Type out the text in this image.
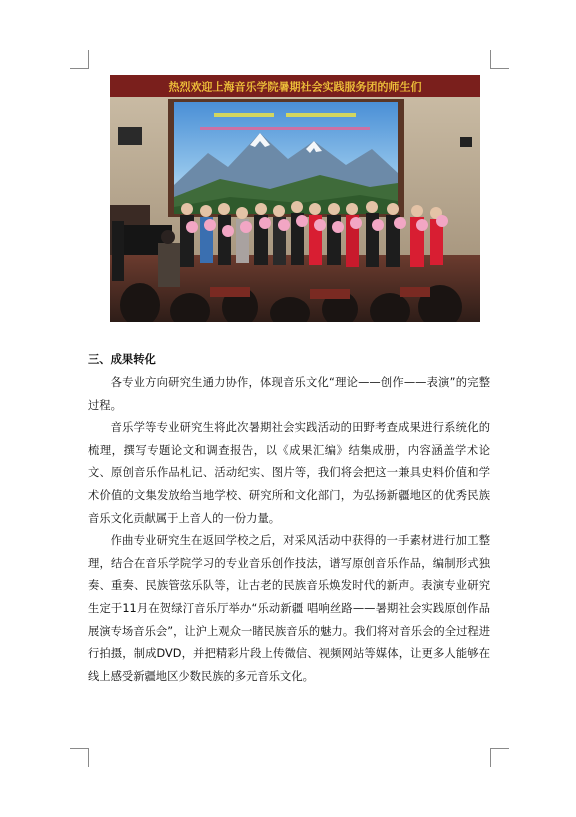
热烈欢迎上海音乐学院暑期社会实践服务团的师生们
三、成果转化

各专业方向研究生通力协作，体现音乐文化“理论——创作——表演”的完整过程。

音乐学等专业研究生将此次暑期社会实践活动的田野考查成果进行系统化的梳理，撰写专题论文和调查报告，以《成果汇编》结集成册，内容涵盖学术论文、原创音乐作品札记、活动纪实、图片等，我们将会把这一兼具史料价值和学术价值的文集发放给当地学校、研究所和文化部门，为弘扬新疆地区的优秀民族音乐文化贡献属于上音人的一份力量。

作曲专业研究生在返回学校之后，对采风活动中获得的一手素材进行加工整理，结合在音乐学院学习的专业音乐创作技法，谱写原创音乐作品，编制形式独奏、重奏、民族管弦乐队等，让古老的民族音乐焕发时代的新声。表演专业研究生定于11月在贺绿汀音乐厅举办“乐动新疆 唱响丝路——暑期社会实践原创作品展演专场音乐会”，让沪上观众一睹民族音乐的魅力。我们将对音乐会的全过程进行拍摄，制成DVD，并把精彩片段上传微信、视频网站等媒体，让更多人能够在线上感受新疆地区少数民族的多元音乐文化。
